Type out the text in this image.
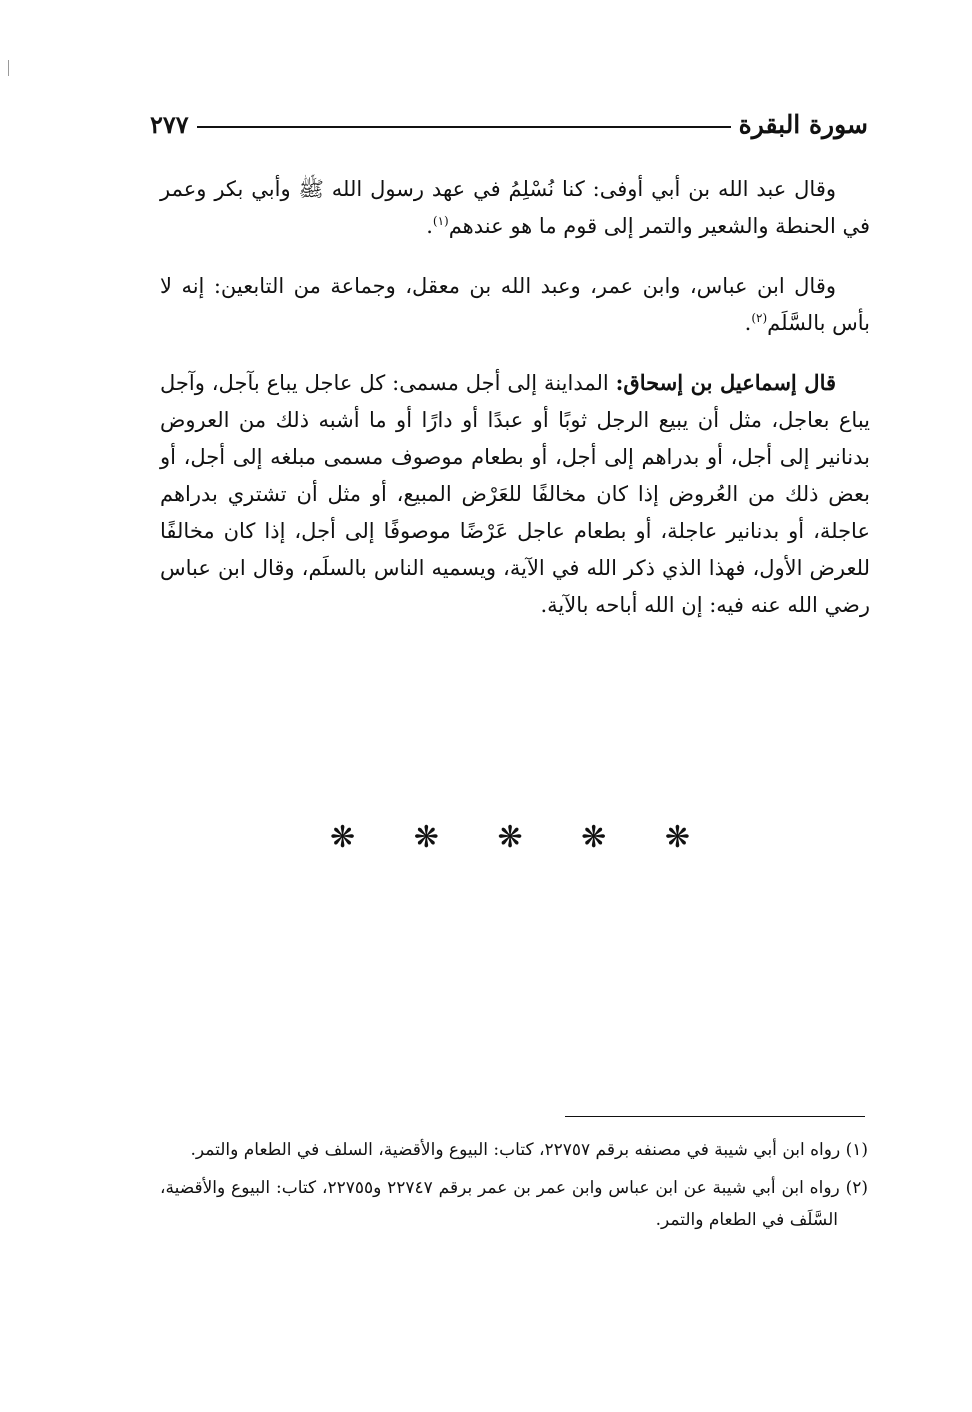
سورة البقرة
٢٧٧

وقال عبد الله بن أبي أوفى: كنا نُسْلِمُ في عهد رسول الله ﷺ وأبي بكر وعمر في الحنطة والشعير والتمر إلى قوم ما هو عندهم$^{(١)}$.

وقال ابن عباس، وابن عمر، وعبد الله بن معقل، وجماعة من التابعين: إنه لا بأس بالسَّلَم$^{(٢)}$.

قال إسماعيل بن إسحاق: المداينة إلى أجل مسمى: كل عاجل يباع بآجل، وآجل يباع بعاجل، مثل أن يبيع الرجل ثوبًا أو عبدًا أو دارًا أو ما أشبه ذلك من العروض بدنانير إلى أجل، أو بدراهم إلى أجل، أو بطعام موصوف مسمى مبلغه إلى أجل، أو بعض ذلك من العُروض إذا كان مخالفًا للعَرْض المبيع، أو مثل أن تشتري بدراهم عاجلة، أو بدنانير عاجلة، أو بطعام عاجل عَرْضًا موصوفًا إلى أجل، إذا كان مخالفًا للعرض الأول، فهذا الذي ذكر الله في الآية، ويسميه الناس بالسلَم، وقال ابن عباس رضي الله عنه فيه: إن الله أباحه بالآية.

❋
❋
❋
❋
❋

(١) رواه ابن أبي شيبة في مصنفه برقم ٢٢٧٥٧، كتاب: البيوع والأقضية، السلف في الطعام والتمر.

(٢) رواه ابن أبي شيبة عن ابن عباس وابن عمر بن عمر برقم ٢٢٧٤٧ و٢٢٧٥٥، كتاب: البيوع والأقضية، السَّلَف في الطعام والتمر.
